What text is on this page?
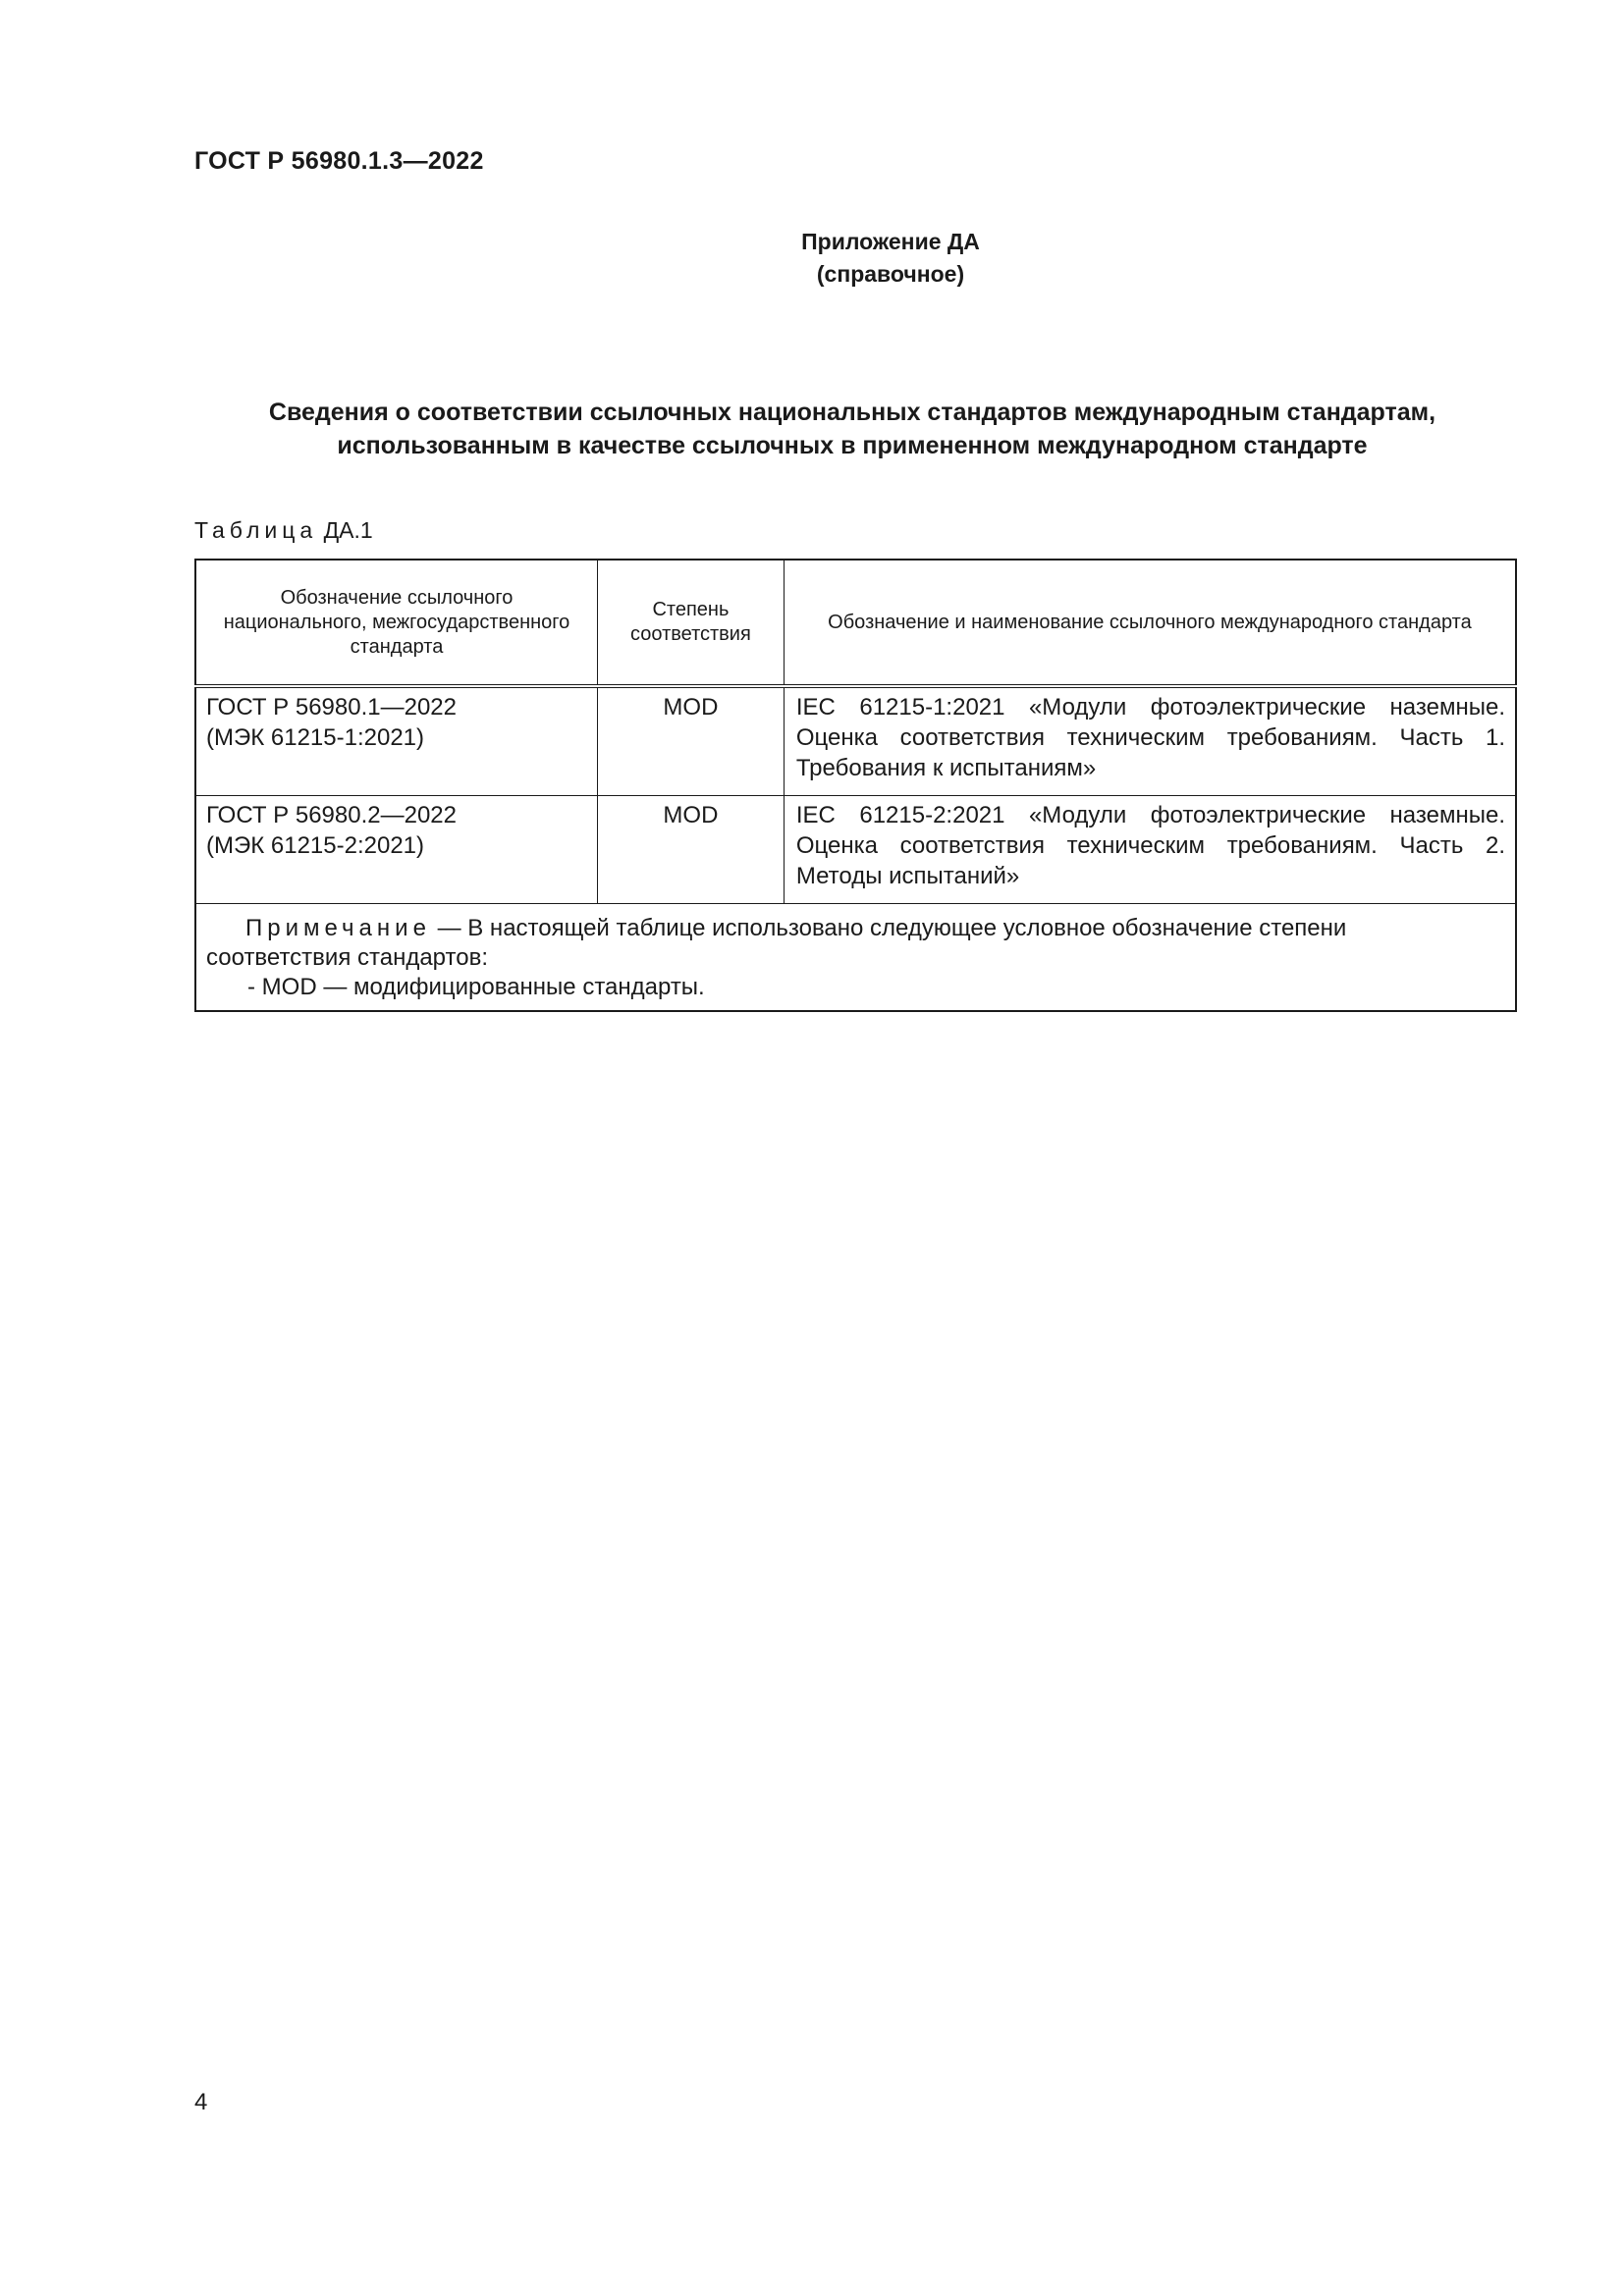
ГОСТ Р 56980.1.3—2022
Приложение ДА
(справочное)
Сведения о соответствии ссылочных национальных стандартов международным стандартам,
использованным в качестве ссылочных в примененном международном стандарте
Таблица ДА.1
Обозначение ссылочного национального, межгосударственного стандарта	Степень соответствия	Обозначение и наименование ссылочного международного стандарта

ГОСТ Р 56980.1—2022
(МЭК 61215-1:2021)	MOD	IEC 61215-1:2021 «Модули фотоэлектрические наземные. Оценка соответствия техническим требованиям. Часть 1. Требования к испытаниям»

ГОСТ Р 56980.2—2022
(МЭК 61215-2:2021)	MOD	IEC 61215-2:2021 «Модули фотоэлектрические наземные. Оценка соответствия техническим требованиям. Часть 2. Методы испытаний»

Примечание — В настоящей таблице использовано следующее условное обозначение степени соответствия стандартов:
- MOD — модифицированные стандарты.		
4
